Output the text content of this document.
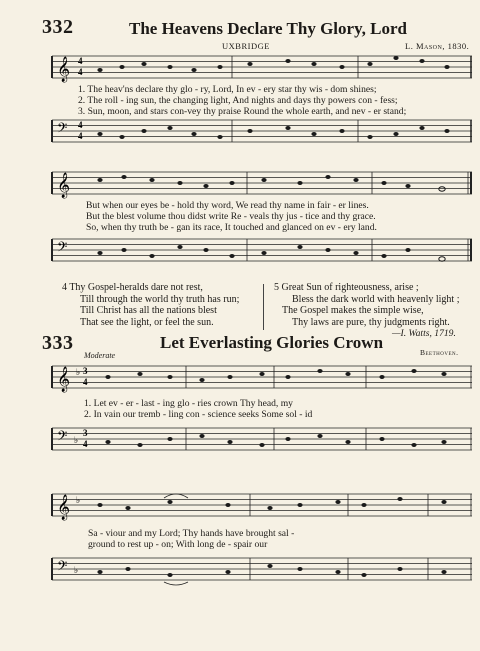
332	The Heavens Declare Thy Glory, Lord
UXBRIDGE	L. Mason, 1830.
𝄞 4
4
1. The heav'ns declare thy glo - ry, Lord, In ev - ery star thy wis - dom shines;
2. The roll - ing sun, the changing light, And nights and days thy powers con - fess;
3. Sun, moon, and stars con-vey thy praise Round the whole earth, and nev - er stand;
𝄢 4
4
𝄞
But when our eyes be - hold thy word, We read thy name in fair - er lines.
But the blest volume thou didst write Re - veals thy jus - tice and thy grace.
So, when thy truth be - gan its race, It touched and glanced on ev - ery land.
𝄢
4 Thy Gospel-heralds dare not rest,
Till through the world thy truth has run;
Till Christ has all the nations blest
That see the light, or feel the sun.
5 Great Sun of righteousness, arise ;
Bless the dark world with heavenly light ;
The Gospel makes the simple wise,
Thy laws are pure, thy judgments right.
—I. Watts, 1719.
333	Let Everlasting Glories Crown
Moderate	Beethoven.
𝄞 ♭ 3
4
1. Let ev - er - last - ing glo - ries crown Thy head, my
2. In vain our tremb - ling con - science seeks Some sol - id
𝄢 ♭
3
4
𝄞 ♭
Sa - viour and my Lord; Thy hands have brought sal -
ground to rest up - on; With long de - spair our
𝄢 ♭
